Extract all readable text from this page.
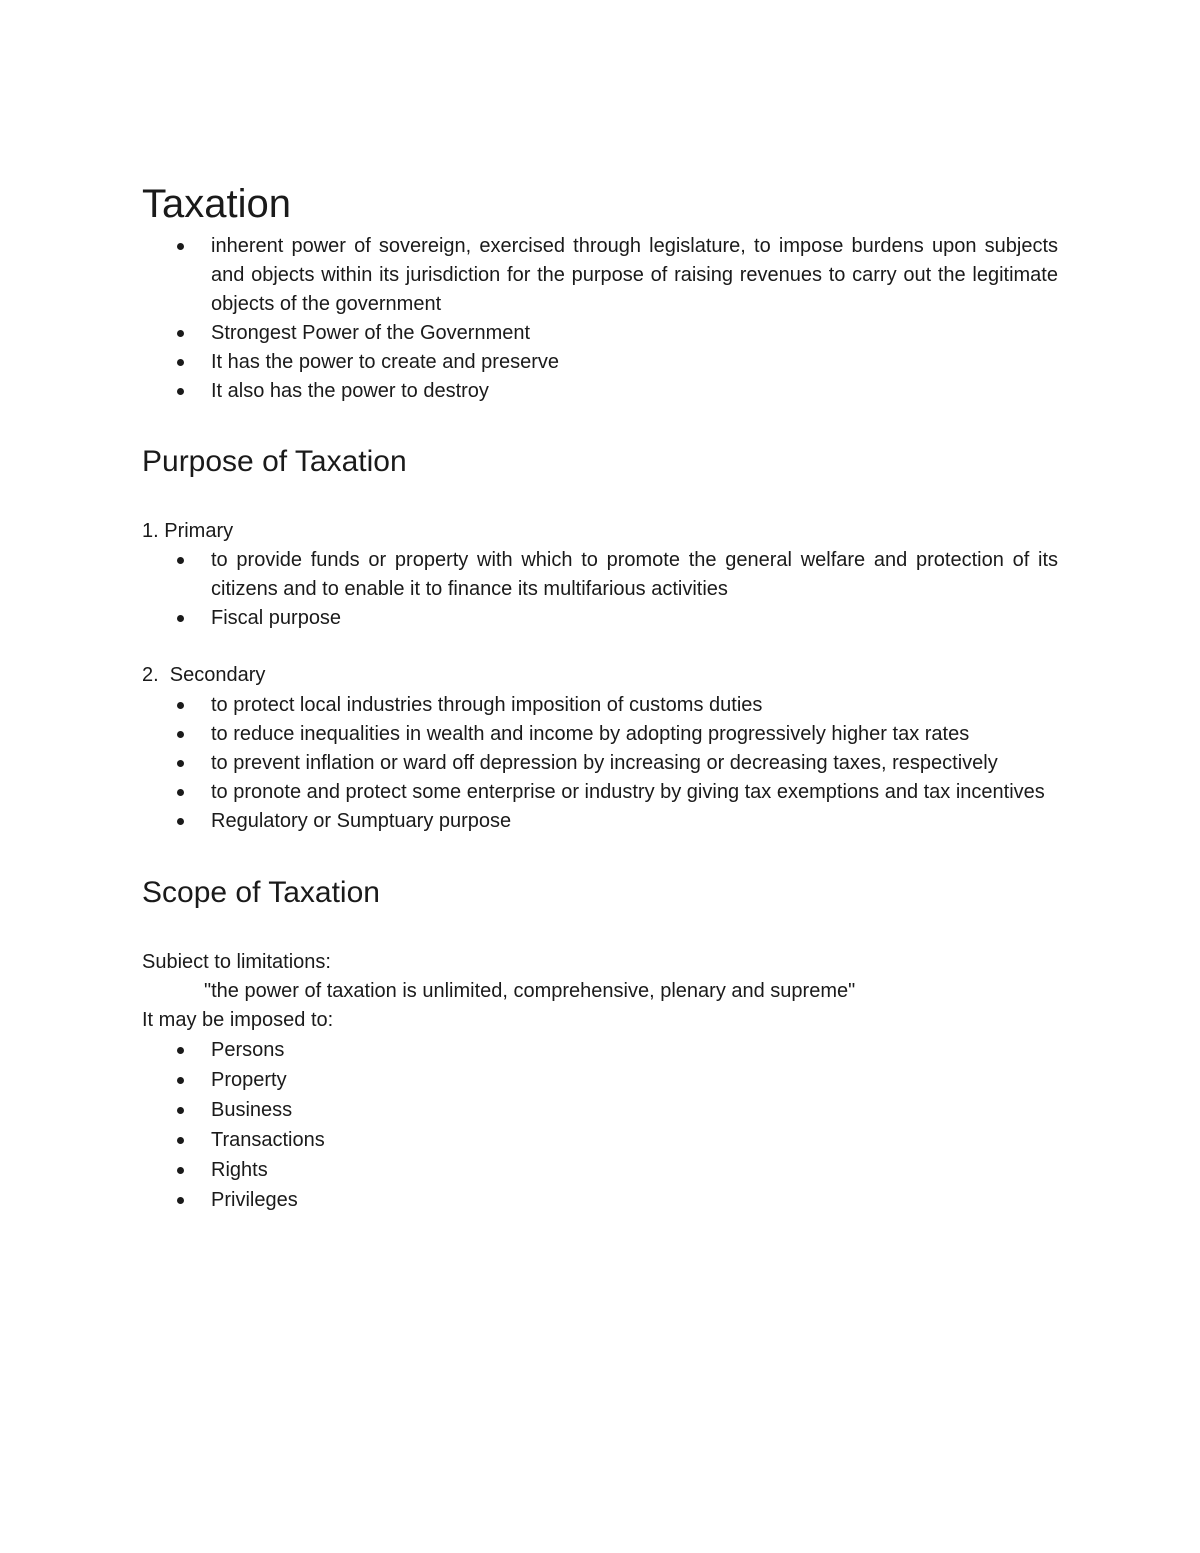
Taxation
inherent power of sovereign, exercised through legislature, to impose burdens upon subjects and objects within its jurisdiction for the purpose of raising revenues to carry out the legitimate objects of the government
Strongest Power of the Government
It has the power to create and preserve
It also has the power to destroy
Purpose of Taxation

1. Primary

to provide funds or property with which to promote the general welfare and protection of its citizens and to enable it to finance its multifarious activities
Fiscal purpose

2.  Secondary

to protect local industries through imposition of customs duties
to reduce inequalities in wealth and income by adopting progressively higher tax rates
to prevent inflation or ward off depression by increasing or decreasing taxes, respectively
to pronote and protect some enterprise or industry by giving tax exemptions and tax incentives
Regulatory or Sumptuary purpose
Scope of Taxation

Subiect to limitations:

"the power of taxation is unlimited, comprehensive, plenary and supreme"

It may be imposed to:

Persons
Property
Business
Transactions
Rights
Privileges
